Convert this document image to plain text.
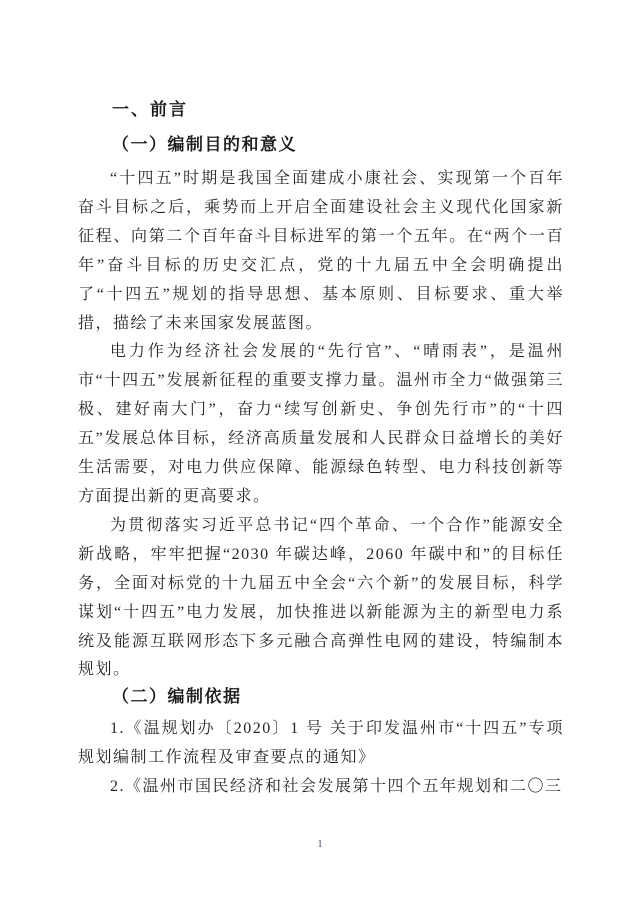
一、前言
（一）编制目的和意义

“十四五”时期是我国全面建成小康社会、实现第一个百年奋斗目标之后，乘势而上开启全面建设社会主义现代化国家新征程、向第二个百年奋斗目标进军的第一个五年。在“两个一百年”奋斗目标的历史交汇点，党的十九届五中全会明确提出了“十四五”规划的指导思想、基本原则、目标要求、重大举措，描绘了未来国家发展蓝图。

电力作为经济社会发展的“先行官”、“晴雨表”，是温州市“十四五”发展新征程的重要支撑力量。温州市全力“做强第三极、建好南大门”，奋力“续写创新史、争创先行市”的“十四五”发展总体目标，经济高质量发展和人民群众日益增长的美好生活需要，对电力供应保障、能源绿色转型、电力科技创新等方面提出新的更高要求。

为贯彻落实习近平总书记“四个革命、一个合作”能源安全新战略，牢牢把握“2030 年碳达峰，2060 年碳中和”的目标任务，全面对标党的十九届五中全会“六个新”的发展目标，科学谋划“十四五”电力发展，加快推进以新能源为主的新型电力系统及能源互联网形态下多元融合高弹性电网的建设，特编制本规划。

（二）编制依据

1.《温规划办〔2020〕1 号 关于印发温州市“十四五”专项规划编制工作流程及审查要点的通知》

2.《温州市国民经济和社会发展第十四个五年规划和二〇三

1
